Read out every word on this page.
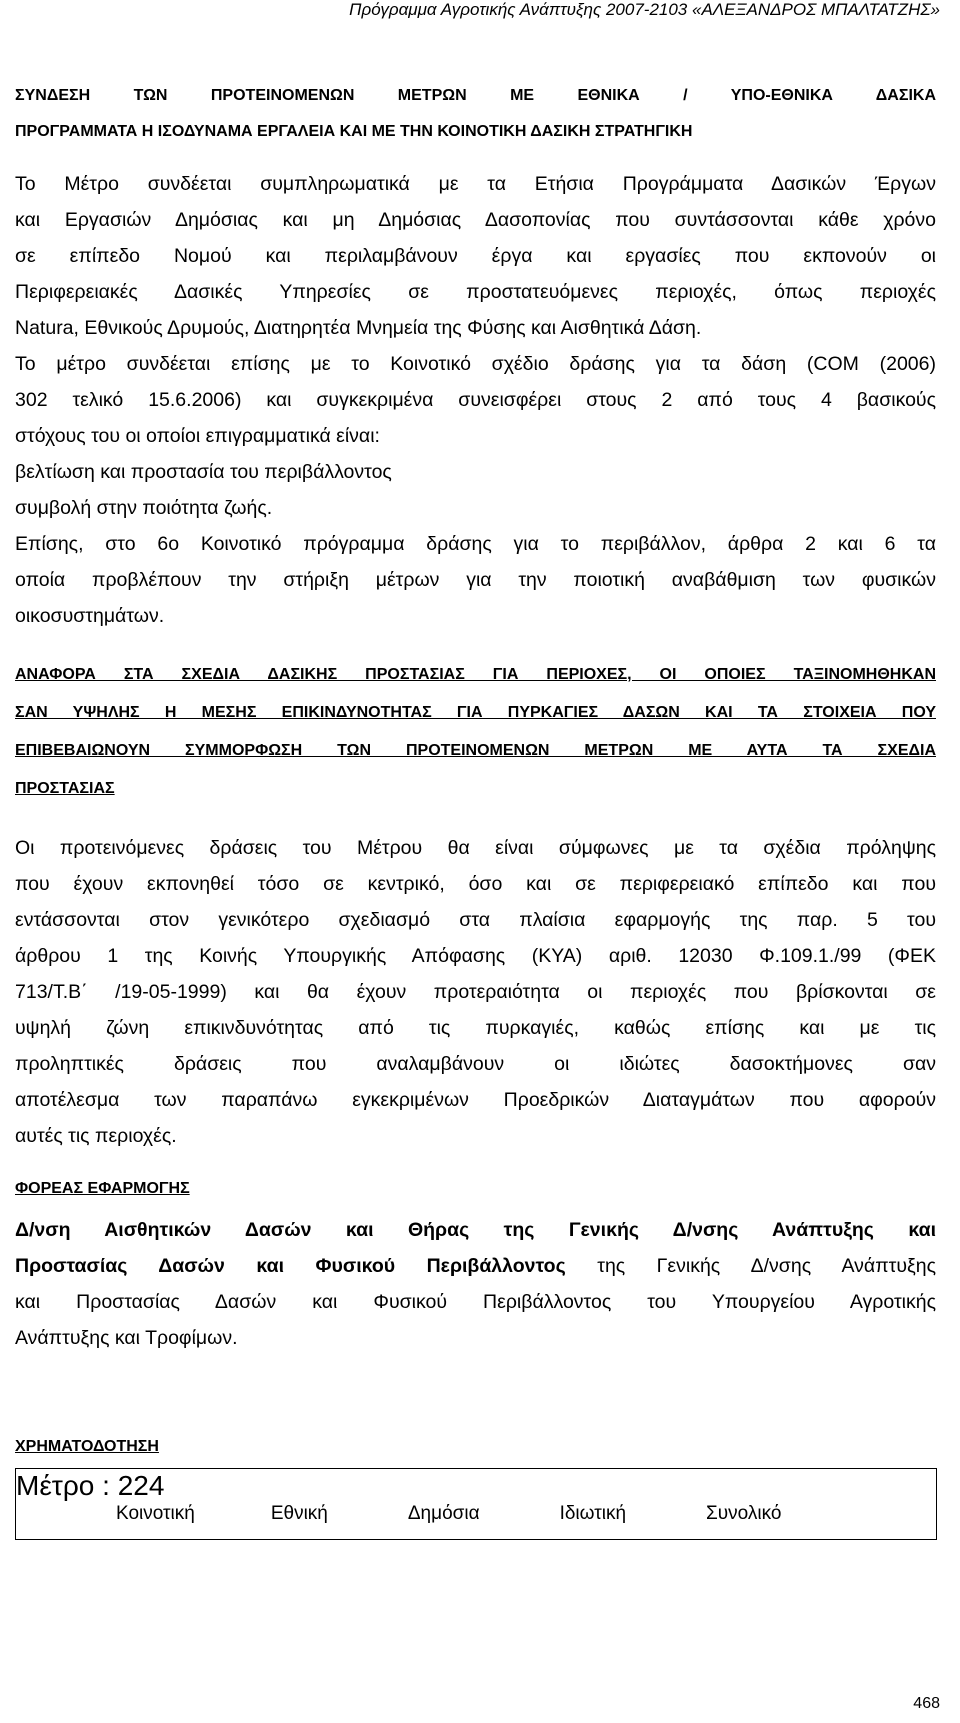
Πρόγραμμα Αγροτικής Ανάπτυξης 2007-2103 «ΑΛΕΞΑΝΔΡΟΣ ΜΠΑΛΤΑΤΖΗΣ»
ΣΥΝΔΕΣΗ ΤΩΝ ΠΡΟΤΕΙΝΟΜΕΝΩΝ ΜΕΤΡΩΝ ΜΕ ΕΘΝΙΚΑ / ΥΠΟ-ΕΘΝΙΚΑ ΔΑΣΙΚΑ
ΠΡΟΓΡΑΜΜΑΤΑ Η ΙΣΟΔΥΝΑΜΑ ΕΡΓΑΛΕΙΑ ΚΑΙ ΜΕ ΤΗΝ ΚΟΙΝΟΤΙΚΗ ΔΑΣΙΚΗ ΣΤΡΑΤΗΓΙΚΗ
Το Μέτρο συνδέεται συμπληρωματικά με τα Ετήσια Προγράμματα Δασικών Έργων
και Εργασιών Δημόσιας και μη Δημόσιας Δασοπονίας που συντάσσονται κάθε χρόνο
σε επίπεδο Νομού και περιλαμβάνουν έργα και εργασίες που εκπονούν οι
Περιφερειακές Δασικές Υπηρεσίες σε προστατευόμενες περιοχές, όπως περιοχές
Natura, Εθνικούς Δρυμούς, Διατηρητέα Μνημεία της Φύσης και Αισθητικά Δάση.
Το μέτρο συνδέεται επίσης με το Κοινοτικό σχέδιο δράσης για τα δάση (COM (2006)
302 τελικό 15.6.2006) και συγκεκριμένα συνεισφέρει στους 2 από τους 4 βασικούς
στόχους του οι οποίοι επιγραμματικά είναι:
βελτίωση και προστασία του περιβάλλοντος
συμβολή στην ποιότητα ζωής.
Επίσης, στο 6ο Κοινοτικό πρόγραμμα δράσης για το περιβάλλον, άρθρα 2 και 6 τα
οποία προβλέπουν την στήριξη μέτρων για την ποιοτική αναβάθμιση των φυσικών
οικοσυστημάτων.
ΑΝΑΦΟΡΑ ΣΤΑ ΣΧΕΔΙΑ ΔΑΣΙΚΗΣ ΠΡΟΣΤΑΣΙΑΣ ΓΙΑ ΠΕΡΙΟΧΕΣ, ΟΙ ΟΠΟΙΕΣ ΤΑΞΙΝΟΜΗΘΗΚΑΝ
ΣΑΝ ΥΨΗΛΗΣ Η ΜΕΣΗΣ ΕΠΙΚΙΝΔΥΝΟΤΗΤΑΣ ΓΙΑ ΠΥΡΚΑΓΙΕΣ ΔΑΣΩΝ ΚΑΙ ΤΑ ΣΤΟΙΧΕΙΑ ΠΟΥ
ΕΠΙΒΕΒΑΙΩΝΟΥΝ ΣΥΜΜΟΡΦΩΣΗ ΤΩΝ ΠΡΟΤΕΙΝΟΜΕΝΩΝ ΜΕΤΡΩΝ ΜΕ ΑΥΤΑ ΤΑ ΣΧΕΔΙΑ
ΠΡΟΣΤΑΣΙΑΣ
Οι προτεινόμενες δράσεις του Μέτρου θα είναι σύμφωνες με τα σχέδια πρόληψης
που έχουν εκπονηθεί τόσο σε κεντρικό, όσο και σε περιφερειακό επίπεδο και που
εντάσσονται στον γενικότερο σχεδιασμό στα πλαίσια εφαρμογής της παρ. 5 του
άρθρου 1 της Κοινής Υπουργικής Απόφασης (ΚΥΑ) αριθ. 12030 Φ.109.1./99 (ΦΕΚ
713/Τ.Β΄ /19-05-1999) και θα έχουν προτεραιότητα οι περιοχές που βρίσκονται σε
υψηλή ζώνη επικινδυνότητας από τις πυρκαγιές, καθώς επίσης και με τις
προληπτικές δράσεις που αναλαμβάνουν οι ιδιώτες δασοκτήμονες σαν
αποτέλεσμα των παραπάνω εγκεκριμένων Προεδρικών Διαταγμάτων που αφορούν
αυτές τις περιοχές.
ΦΟΡΕΑΣ ΕΦΑΡΜΟΓΗΣ
Δ/νση Αισθητικών Δασών και Θήρας της Γενικής Δ/νσης Ανάπτυξης και
Προστασίας Δασών και Φυσικού Περιβάλλοντος της Γενικής Δ/νσης Ανάπτυξης
και Προστασίας Δασών και Φυσικού Περιβάλλοντος του Υπουργείου Αγροτικής
Ανάπτυξης και Τροφίμων.
ΧΡΗΜΑΤΟΔΟΤΗΣΗ
Μέτρο : 224

Κοινοτική	Εθνική	Δημόσια	Ιδιωτική	Συνολικό
468
